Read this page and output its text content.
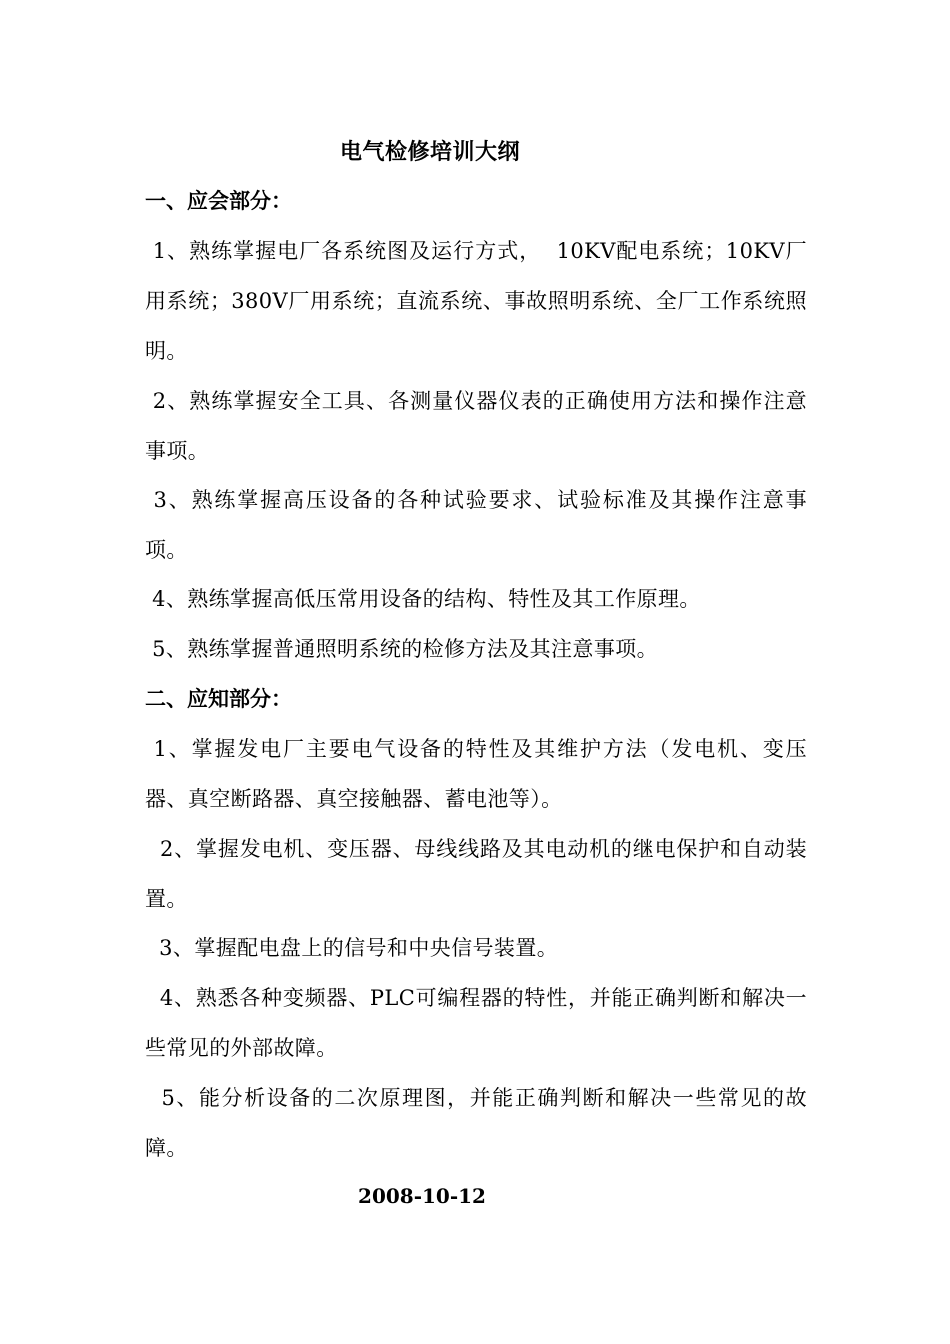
电气检修培训大纲
一、应会部分：
1、熟练掌握电厂各系统图及运行方式，  10KV配电系统；10KV厂用系统；380V厂用系统；直流系统、事故照明系统、全厂工作系统照明。
2、熟练掌握安全工具、各测量仪器仪表的正确使用方法和操作注意事项。
3、熟练掌握高压设备的各种试验要求、试验标准及其操作注意事项。
4、熟练掌握高低压常用设备的结构、特性及其工作原理。
5、熟练掌握普通照明系统的检修方法及其注意事项。
二、应知部分：
1、掌握发电厂主要电气设备的特性及其维护方法（发电机、变压器、真空断路器、真空接触器、蓄电池等）。
2、掌握发电机、变压器、母线线路及其电动机的继电保护和自动装置。
3、掌握配电盘上的信号和中央信号装置。
4、熟悉各种变频器、PLC可编程器的特性，并能正确判断和解决一些常见的外部故障。
5、能分析设备的二次原理图，并能正确判断和解决一些常见的故障。
2008-10-12
